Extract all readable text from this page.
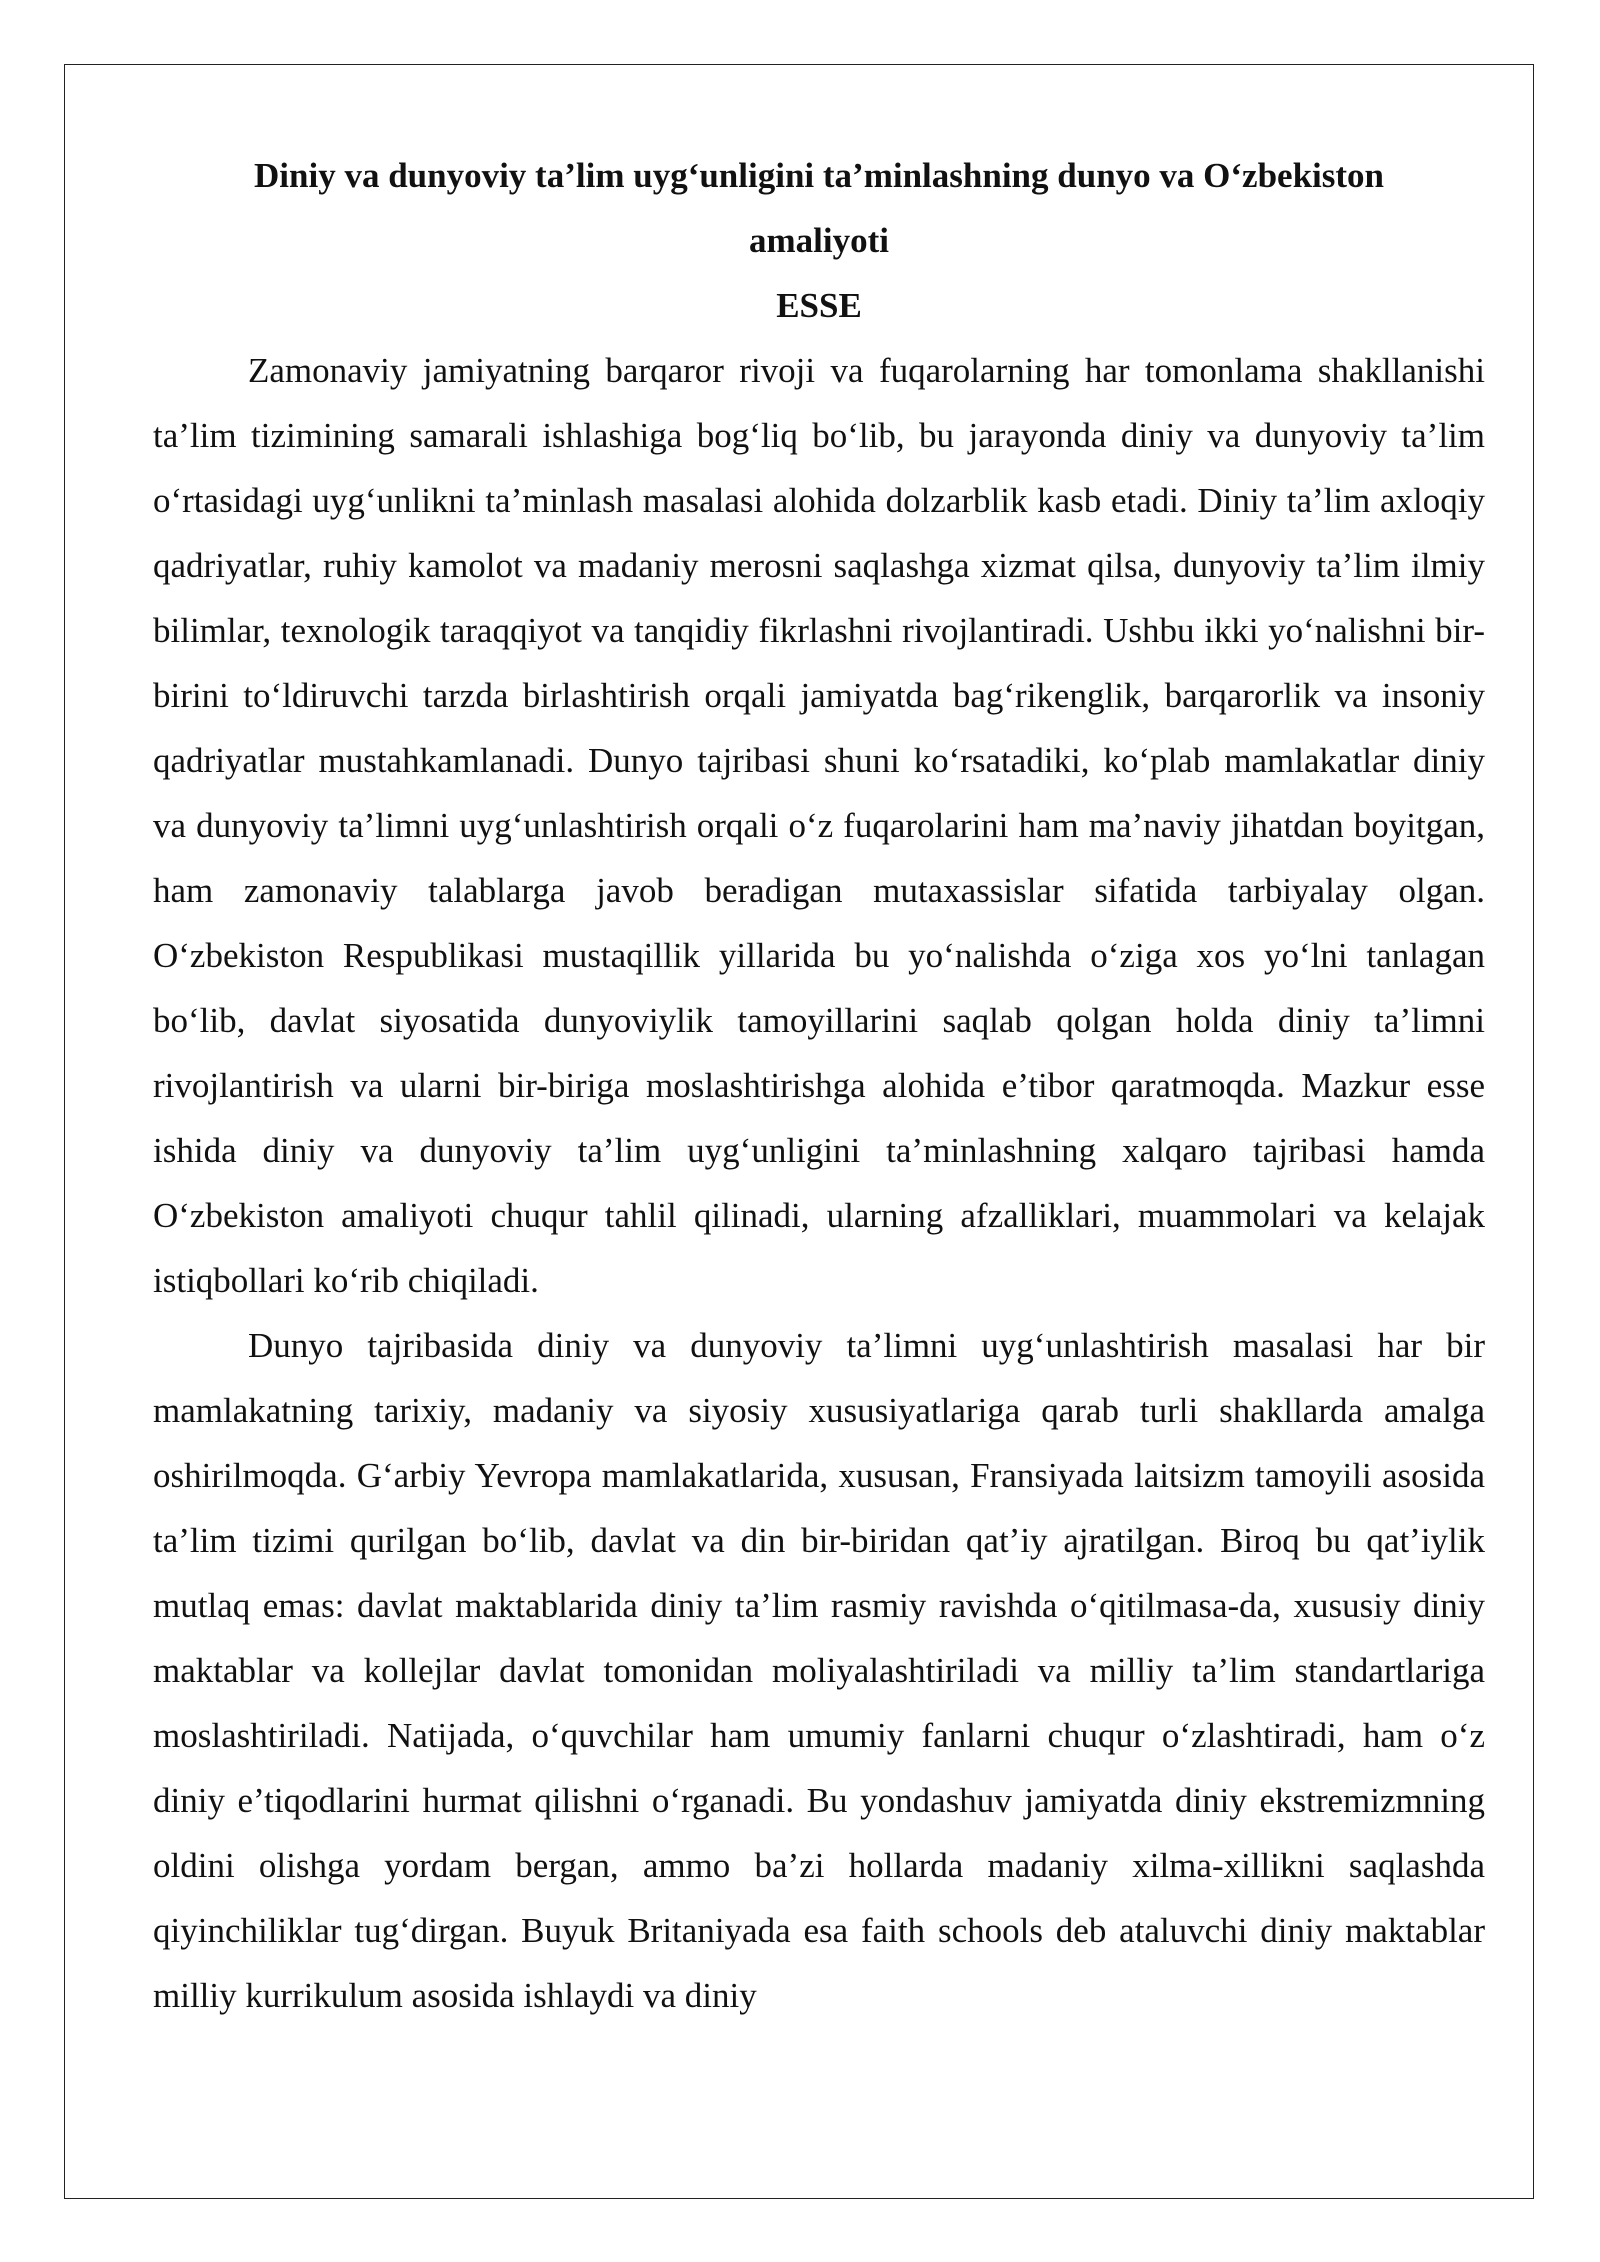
Diniy va dunyoviy ta’lim uyg‘unligini ta’minlashning dunyo va O‘zbekiston amaliyoti

ESSE

Zamonaviy jamiyatning barqaror rivoji va fuqarolarning har tomonlama shakllanishi ta’lim tizimining samarali ishlashiga bog‘liq bo‘lib, bu jarayonda diniy va dunyoviy ta’lim o‘rtasidagi uyg‘unlikni ta’minlash masalasi alohida dolzarblik kasb etadi. Diniy ta’lim axloqiy qadriyatlar, ruhiy kamolot va madaniy merosni saqlashga xizmat qilsa, dunyoviy ta’lim ilmiy bilimlar, texnologik taraqqiyot va tanqidiy fikrlashni rivojlantiradi. Ushbu ikki yo‘nalishni bir-birini to‘ldiruvchi tarzda birlashtirish orqali jamiyatda bag‘rikenglik, barqarorlik va insoniy qadriyatlar mustahkamlanadi. Dunyo tajribasi shuni ko‘rsatadiki, ko‘plab mamlakatlar diniy va dunyoviy ta’limni uyg‘unlashtirish orqali o‘z fuqarolarini ham ma’naviy jihatdan boyitgan, ham zamonaviy talablarga javob beradigan mutaxassislar sifatida tarbiyalay olgan. O‘zbekiston Respublikasi mustaqillik yillarida bu yo‘nalishda o‘ziga xos yo‘lni tanlagan bo‘lib, davlat siyosatida dunyoviylik tamoyillarini saqlab qolgan holda diniy ta’limni rivojlantirish va ularni bir-biriga moslashtirishga alohida e’tibor qaratmoqda. Mazkur esse ishida diniy va dunyoviy ta’lim uyg‘unligini ta’minlashning xalqaro tajribasi hamda O‘zbekiston amaliyoti chuqur tahlil qilinadi, ularning afzalliklari, muammolari va kelajak istiqbollari ko‘rib chiqiladi.

Dunyo tajribasida diniy va dunyoviy ta’limni uyg‘unlashtirish masalasi har bir mamlakatning tarixiy, madaniy va siyosiy xususiyatlariga qarab turli shakllarda amalga oshirilmoqda. G‘arbiy Yevropa mamlakatlarida, xususan, Fransiyada laitsizm tamoyili asosida ta’lim tizimi qurilgan bo‘lib, davlat va din bir-biridan qat’iy ajratilgan. Biroq bu qat’iylik mutlaq emas: davlat maktablarida diniy ta’lim rasmiy ravishda o‘qitilmasa-da, xususiy diniy maktablar va kollejlar davlat tomonidan moliyalashtiriladi va milliy ta’lim standartlariga moslashtiriladi. Natijada, o‘quvchilar ham umumiy fanlarni chuqur o‘zlashtiradi, ham o‘z diniy e’tiqodlarini hurmat qilishni o‘rganadi. Bu yondashuv jamiyatda diniy ekstremizmning oldini olishga yordam bergan, ammo ba’zi hollarda madaniy xilma-xillikni saqlashda qiyinchiliklar tug‘dirgan. Buyuk Britaniyada esa faith schools deb ataluvchi diniy maktablar milliy kurrikulum asosida ishlaydi va diniy
